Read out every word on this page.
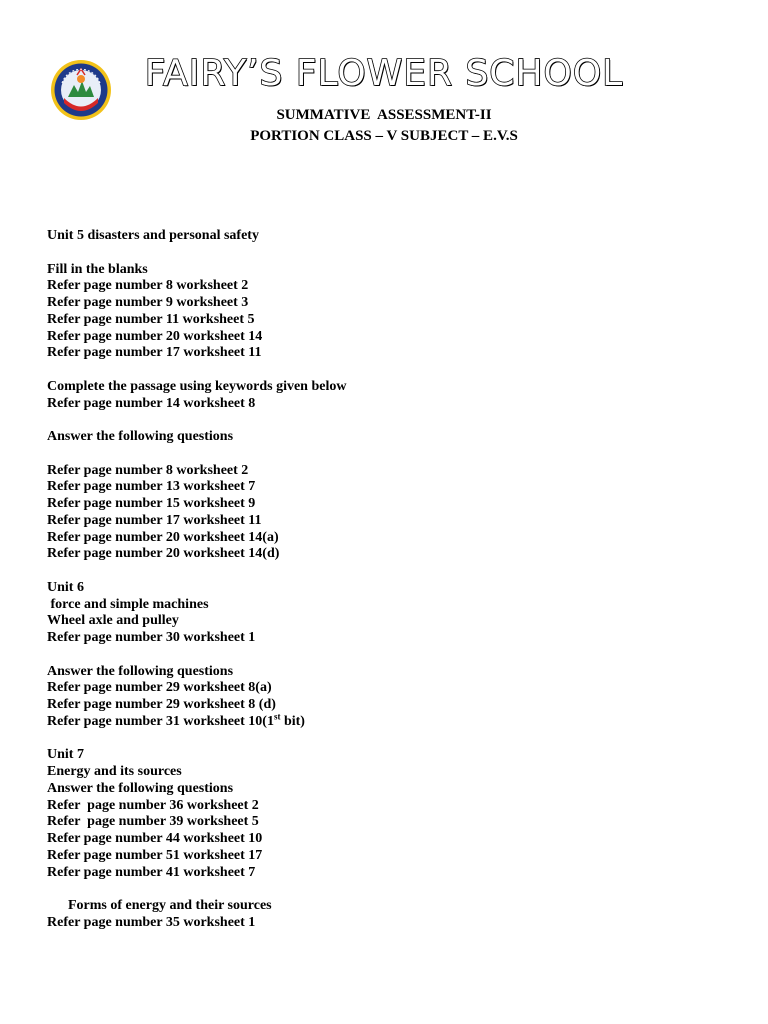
FAIRY’S FLOWER SCHOOL
SUMMATIVE  ASSESSMENT-II
PORTION CLASS – V SUBJECT – E.V.S
Unit 5 disasters and personal safety
Fill in the blanks
Refer page number 8 worksheet 2
Refer page number 9 worksheet 3
Refer page number 11 worksheet 5
Refer page number 20 worksheet 14
Refer page number 17 worksheet 11
Complete the passage using keywords given below
Refer page number 14 worksheet 8
Answer the following questions
Refer page number 8 worksheet 2
Refer page number 13 worksheet 7
Refer page number 15 worksheet 9
Refer page number 17 worksheet 11
Refer page number 20 worksheet 14(a)
Refer page number 20 worksheet 14(d)
Unit 6
force and simple machines
Wheel axle and pulley
Refer page number 30 worksheet 1
Answer the following questions
Refer page number 29 worksheet 8(a)
Refer page number 29 worksheet 8 (d)
Refer page number 31 worksheet 10(1st bit)
Unit 7
Energy and its sources
Answer the following questions
Refer  page number 36 worksheet 2
Refer  page number 39 worksheet 5
Refer page number 44 worksheet 10
Refer page number 51 worksheet 17
Refer page number 41 worksheet 7
Forms of energy and their sources
Refer page number 35 worksheet 1
